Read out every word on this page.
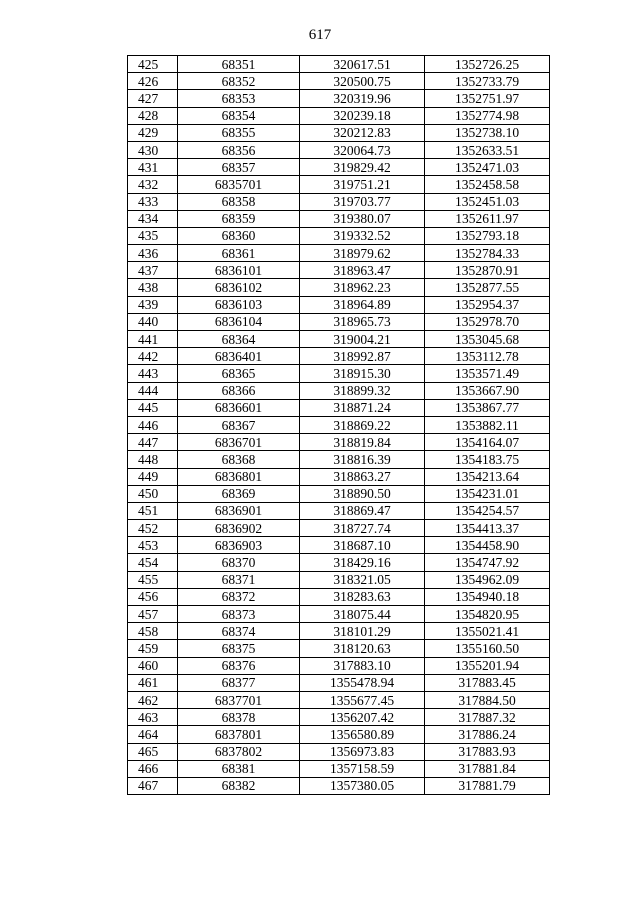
617
425	68351	320617.51	1352726.25
426	68352	320500.75	1352733.79
427	68353	320319.96	1352751.97
428	68354	320239.18	1352774.98
429	68355	320212.83	1352738.10
430	68356	320064.73	1352633.51
431	68357	319829.42	1352471.03
432	6835701	319751.21	1352458.58
433	68358	319703.77	1352451.03
434	68359	319380.07	1352611.97
435	68360	319332.52	1352793.18
436	68361	318979.62	1352784.33
437	6836101	318963.47	1352870.91
438	6836102	318962.23	1352877.55
439	6836103	318964.89	1352954.37
440	6836104	318965.73	1352978.70
441	68364	319004.21	1353045.68
442	6836401	318992.87	1353112.78
443	68365	318915.30	1353571.49
444	68366	318899.32	1353667.90
445	6836601	318871.24	1353867.77
446	68367	318869.22	1353882.11
447	6836701	318819.84	1354164.07
448	68368	318816.39	1354183.75
449	6836801	318863.27	1354213.64
450	68369	318890.50	1354231.01
451	6836901	318869.47	1354254.57
452	6836902	318727.74	1354413.37
453	6836903	318687.10	1354458.90
454	68370	318429.16	1354747.92
455	68371	318321.05	1354962.09
456	68372	318283.63	1354940.18
457	68373	318075.44	1354820.95
458	68374	318101.29	1355021.41
459	68375	318120.63	1355160.50
460	68376	317883.10	1355201.94
461	68377	1355478.94	317883.45
462	6837701	1355677.45	317884.50
463	68378	1356207.42	317887.32
464	6837801	1356580.89	317886.24
465	6837802	1356973.83	317883.93
466	68381	1357158.59	317881.84
467	68382	1357380.05	317881.79
